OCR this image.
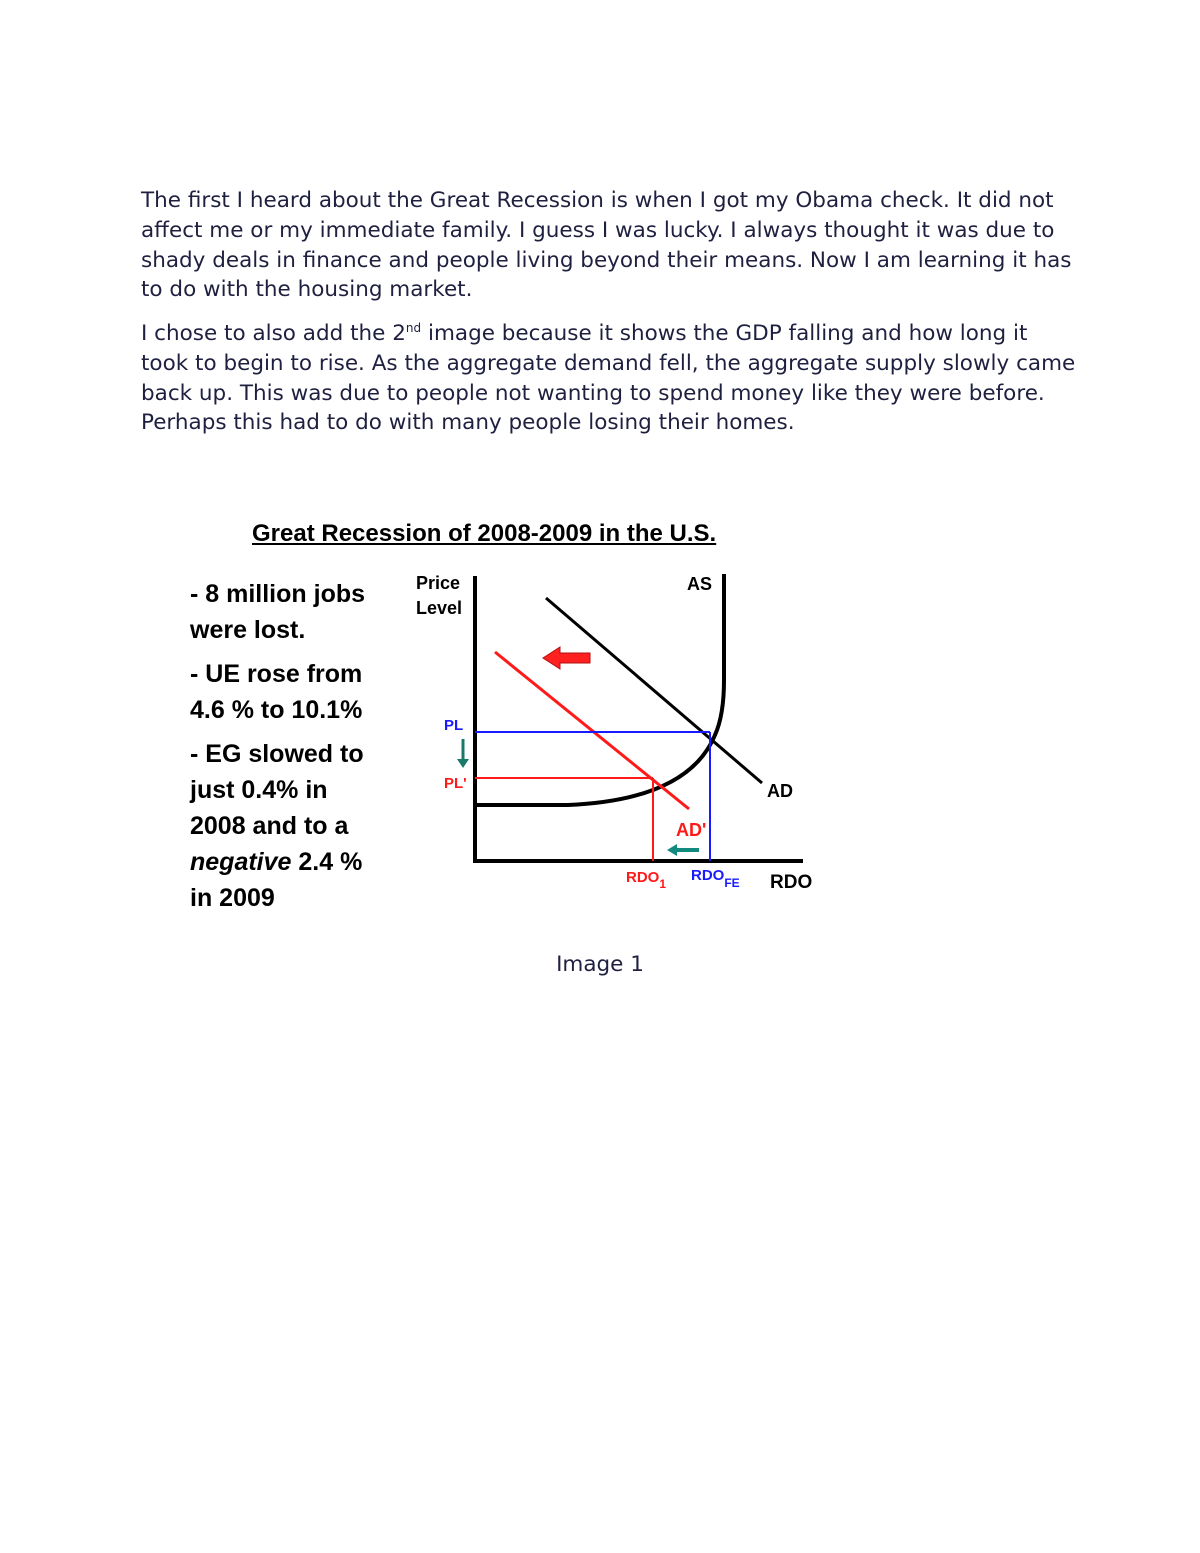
The first I heard about the Great Recession is when I got my Obama check. It did not affect me or my immediate family. I guess I was lucky. I always thought it was due to shady deals in finance and people living beyond their means. Now I am learning it has to do with the housing market.

I chose to also add the 2nd image because it shows the GDP falling and how long it took to begin to rise. As the aggregate demand fell, the aggregate supply slowly came back up. This was due to people not wanting to spend money like they were before. Perhaps this had to do with many people losing their homes.

Great Recession of 2008-2009 in the U.S.
- 8 million jobs were lost.
- UE rose from 4.6 % to 10.1%
- EG slowed to just 0.4% in 2008 and to a negative 2.4 % in 2009
Price
Level
RDO
AS
AD
AD'
PL
PL'
$RDO_1$ $RDO_{FE}$
Image 1
